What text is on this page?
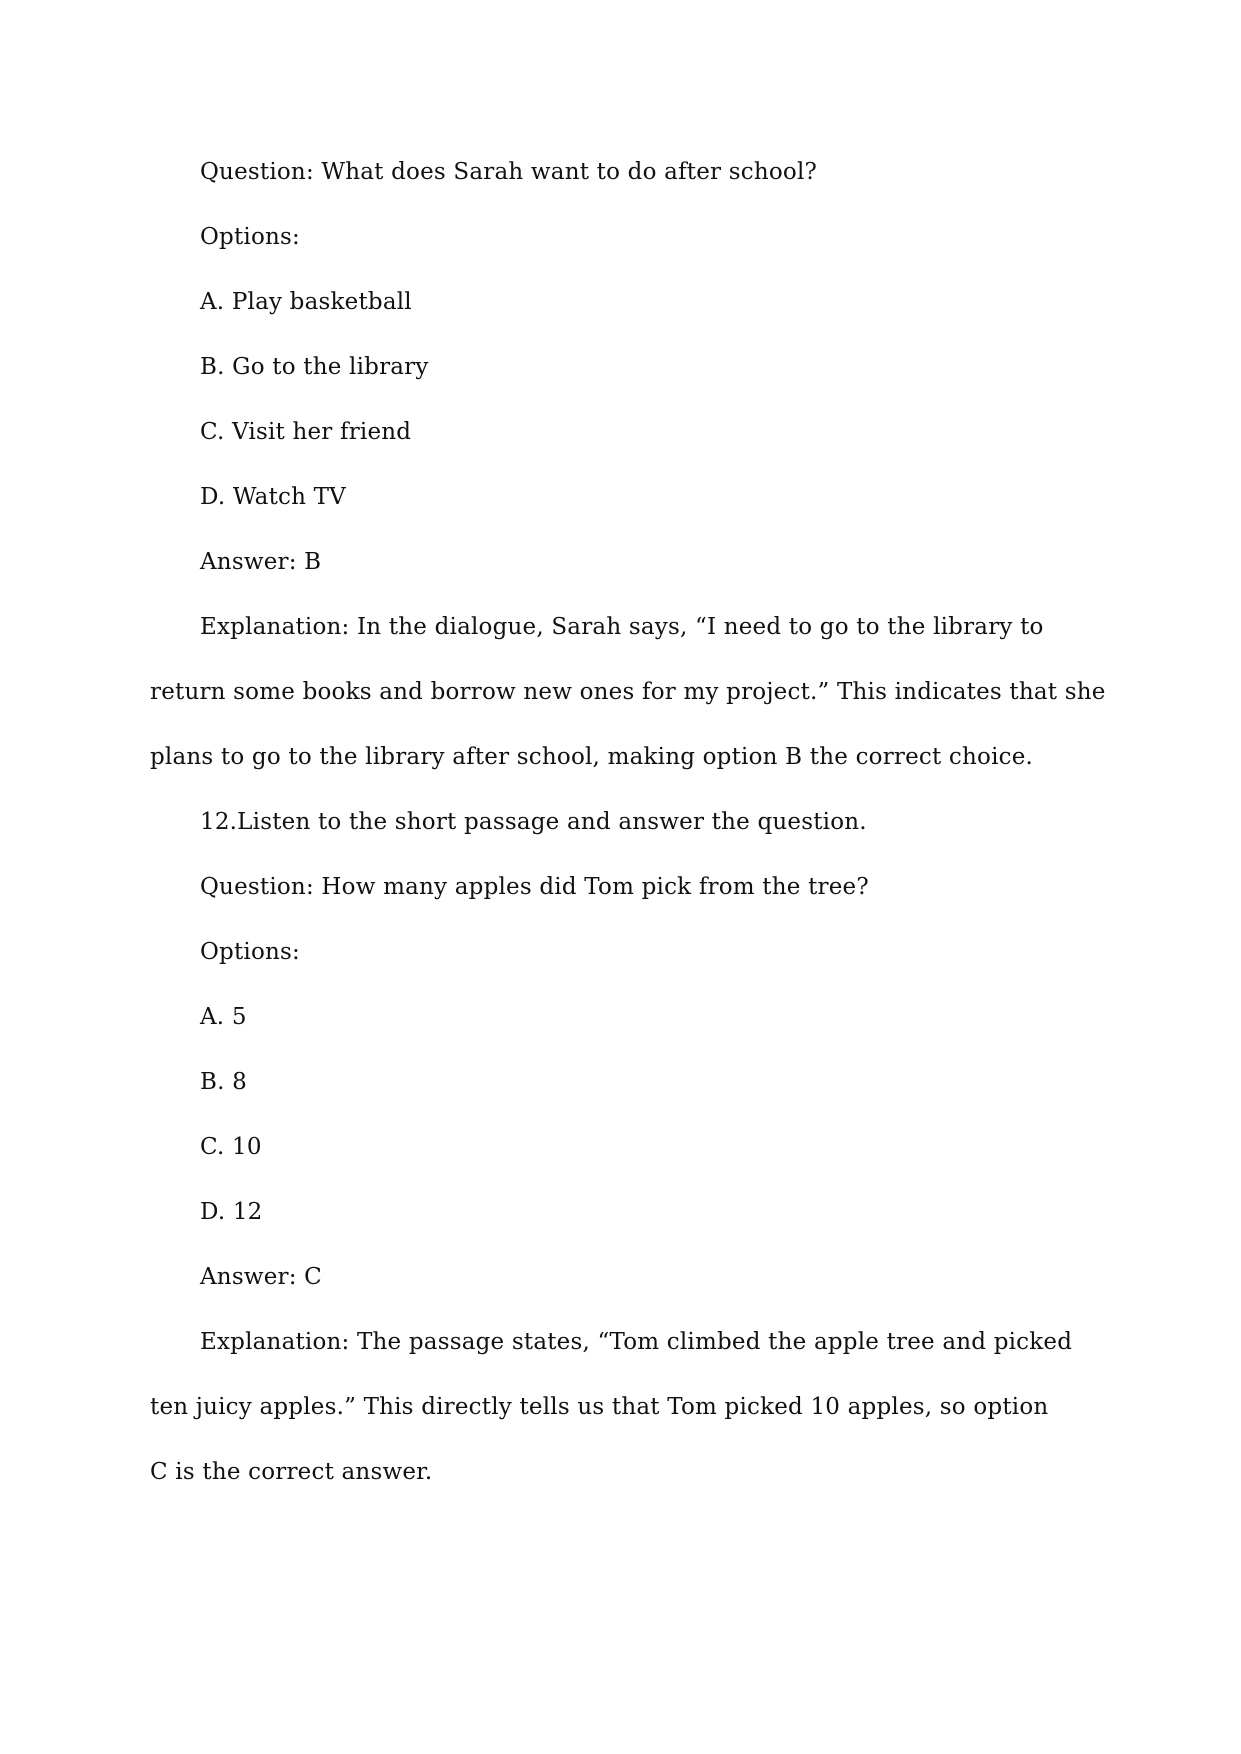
Question: What does Sarah want to do after school?
Options:
A. Play basketball
B. Go to the library
C. Visit her friend
D. Watch TV
Answer: B
Explanation: In the dialogue, Sarah says, “I need to go to the library to
return some books and borrow new ones for my project.” This indicates that she
plans to go to the library after school, making option B the correct choice.
12.Listen to the short passage and answer the question.
Question: How many apples did Tom pick from the tree?
Options:
A. 5
B. 8
C. 10
D. 12
Answer: C
Explanation: The passage states, “Tom climbed the apple tree and picked
ten juicy apples.” This directly tells us that Tom picked 10 apples, so option
C is the correct answer.
